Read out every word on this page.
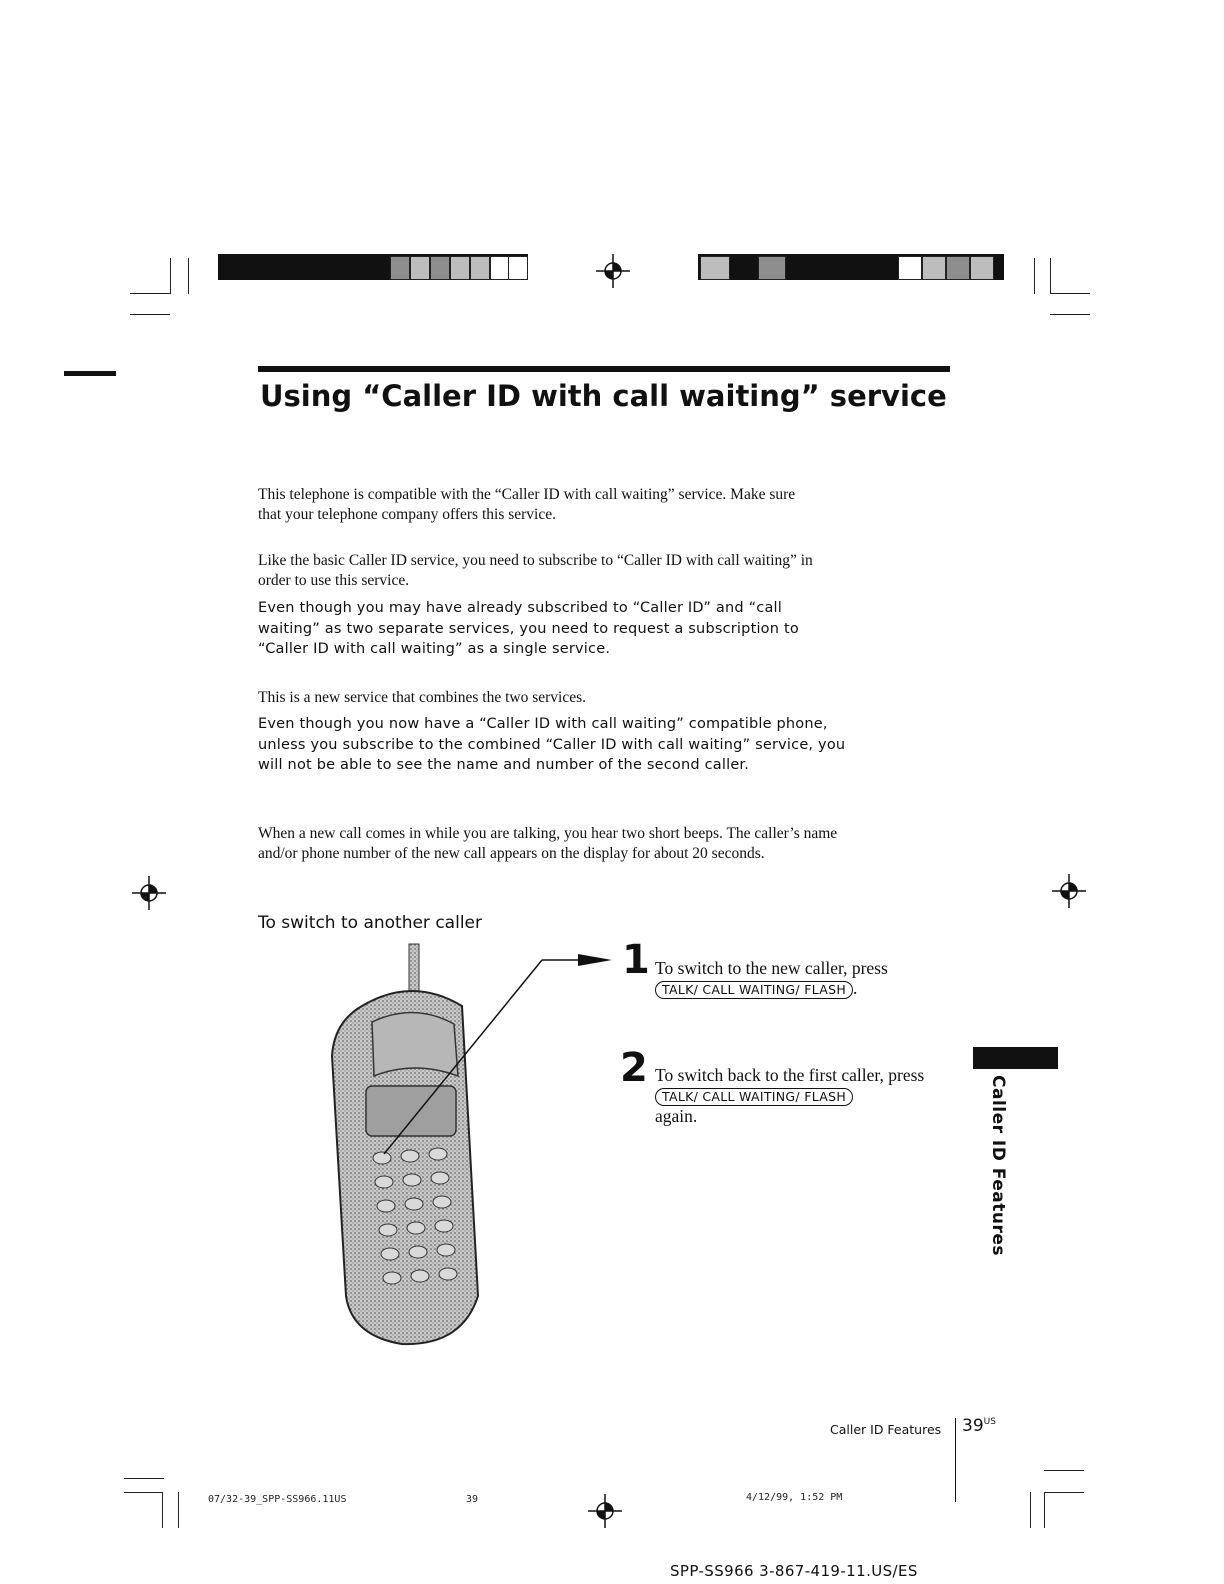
Using “Caller ID with call waiting” service

This telephone is compatible with the “Caller ID with call waiting” service. Make sure that your telephone company offers this service.

Like the basic Caller ID service, you need to subscribe to “Caller ID with call waiting” in order to use this service.

Even though you may have already subscribed to “Caller ID” and “call waiting” as two separate services, you need to request a subscription to “Caller ID with call waiting” as a single service.

This is a new service that combines the two services.

Even though you now have a “Caller ID with call waiting” compatible phone, unless you subscribe to the combined “Caller ID with call waiting” service, you will not be able to see the name and number of the second caller.

When a new call comes in while you are talking, you hear two short beeps. The caller’s name and/or phone number of the new call appears on the display for about 20 seconds.

To switch to another caller
1 To switch to the new caller, press
TALK/ CALL WAITING/ FLASH .
2 To switch back to the first caller, press
TALK/ CALL WAITING/ FLASH
again.	Caller ID Features
Caller ID Features $39^{US}$
07/32-39_SPP-SS966.11US	39	4/12/99, 1:52 PM
SPP-SS966 3-867-419-11.US/ES
